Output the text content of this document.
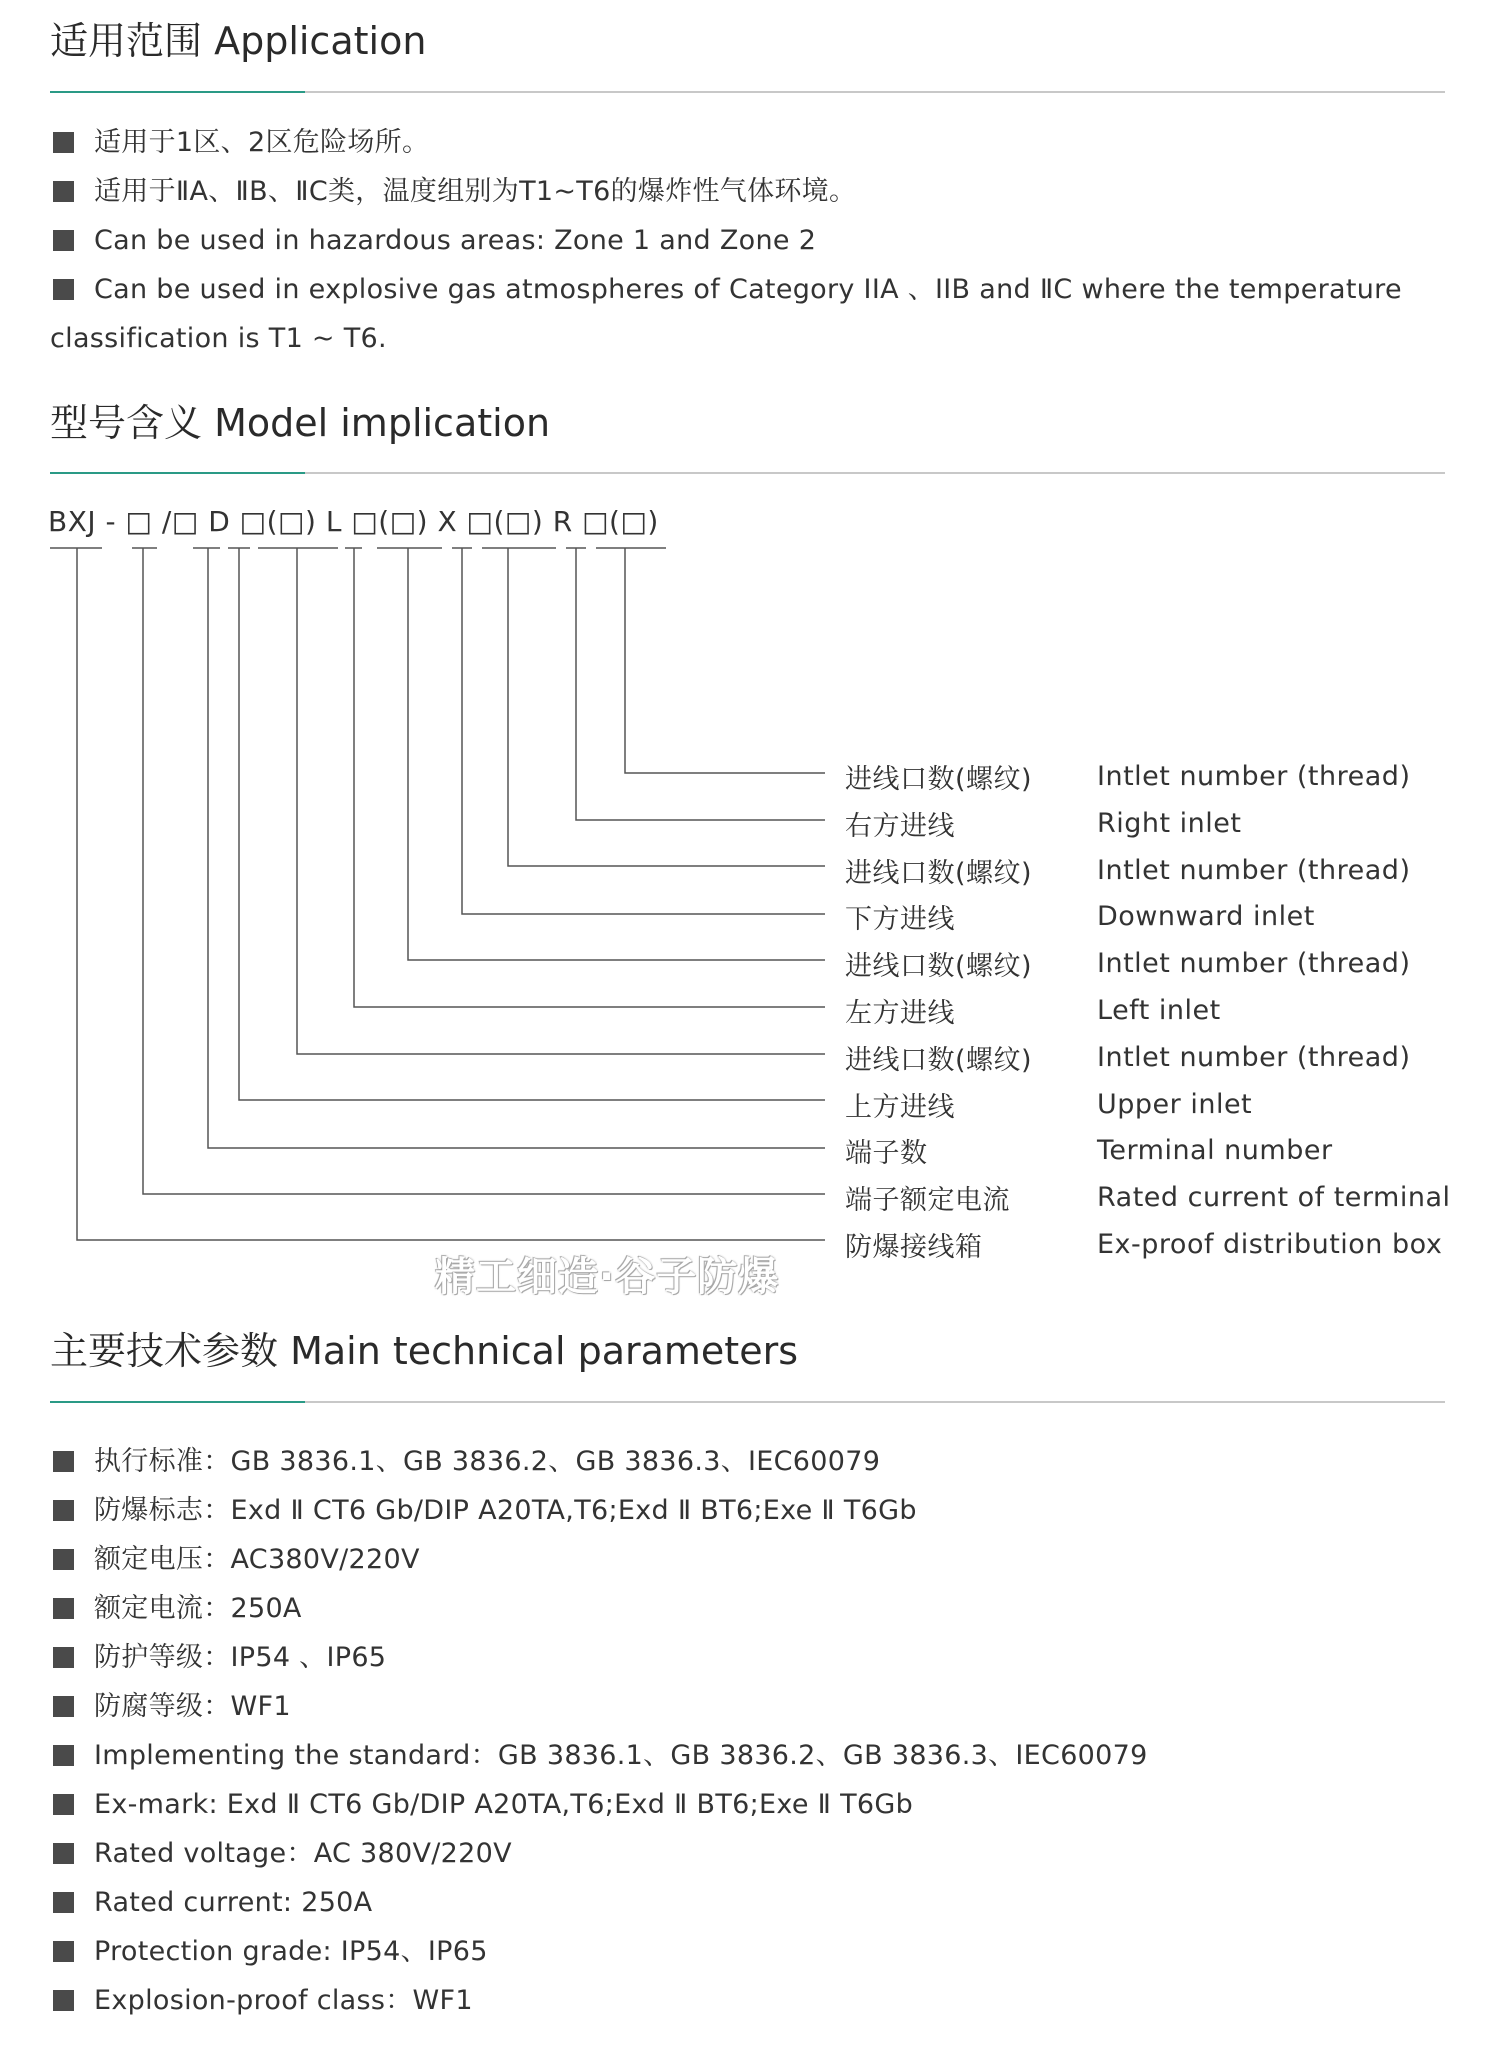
适用范围 Application
适用于1区、2区危险场所。
适用于ⅡA、ⅡB、ⅡC类，温度组别为T1~T6的爆炸性气体环境。
Can be used in hazardous areas: Zone 1 and Zone 2
Can be used in explosive gas atmospheres of Category IIA 、IIB and ⅡC where the temperature classification is T1 ~ T6.
型号含义 Model implication

BXJ - □ /□ D □(□) L □(□) X □(□) R □(□)

进线口数(螺纹) Intlet number (thread)
右方进线	Right inlet
进线口数(螺纹) Intlet number (thread)
下方进线	Downward inlet
进线口数(螺纹) Intlet number (thread)
左方进线	Left inlet
进线口数(螺纹) Intlet number (thread)
上方进线	Upper inlet
端子数	Terminal number
端子额定电流	Rated current of terminal
防爆接线箱	Ex-proof distribution box
精工细造·谷子防爆
主要技术参数 Main technical parameters
执行标准：GB 3836.1、GB 3836.2、GB 3836.3、IEC60079
防爆标志：Exd Ⅱ CT6 Gb/DIP A20TA,T6;Exd Ⅱ BT6;Exe Ⅱ T6Gb
额定电压：AC380V/220V
额定电流：250A
防护等级：IP54 、IP65
防腐等级：WF1
Implementing the standard：GB 3836.1、GB 3836.2、GB 3836.3、IEC60079
Ex-mark: Exd Ⅱ CT6 Gb/DIP A20TA,T6;Exd Ⅱ BT6;Exe Ⅱ T6Gb
Rated voltage：AC 380V/220V
Rated current: 250A
Protection grade: IP54、IP65
Explosion-proof class：WF1
